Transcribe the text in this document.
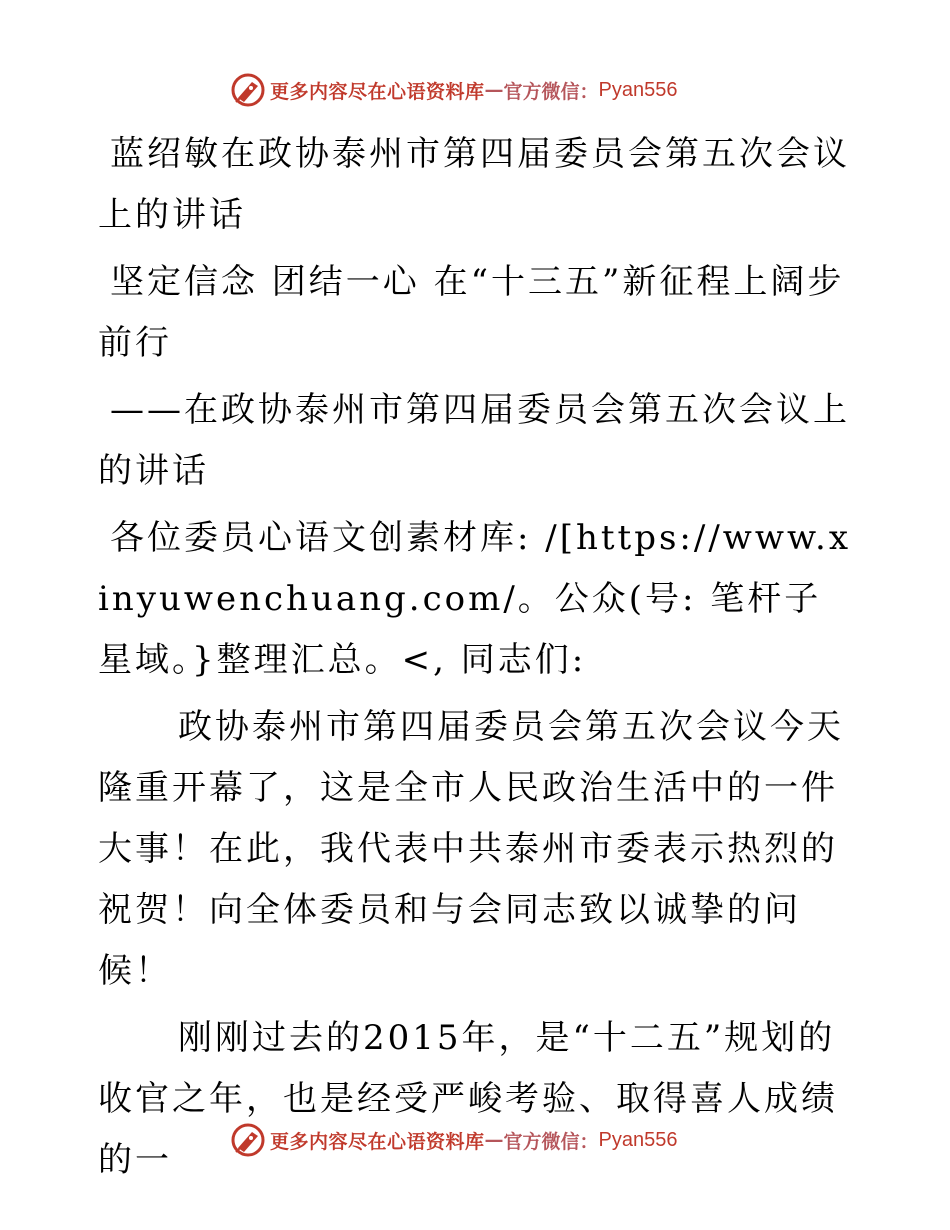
更多内容尽在心语资料库 — 官方微信： Pyan556

蓝绍敏在政协泰州市第四届委员会第五次会议上的讲话

坚定信念 团结一心 在“十三五”新征程上阔步前行

——在政协泰州市第四届委员会第五次会议上的讲话

各位委员心语文创素材库: /[https://www.xinyuwenchuang.com/。公众(号: 笔杆子星域。}整理汇总。<, 同志们:

政协泰州市第四届委员会第五次会议今天隆重开幕了，这是全市人民政治生活中的一件大事！在此，我代表中共泰州市委表示热烈的祝贺！向全体委员和与会同志致以诚挚的问候！

刚刚过去的2015年，是“十二五”规划的收官之年，也是经受严峻考验、取得喜人成绩的一	更多内容尽在心语资料库 — 官方微信： Pyan556
